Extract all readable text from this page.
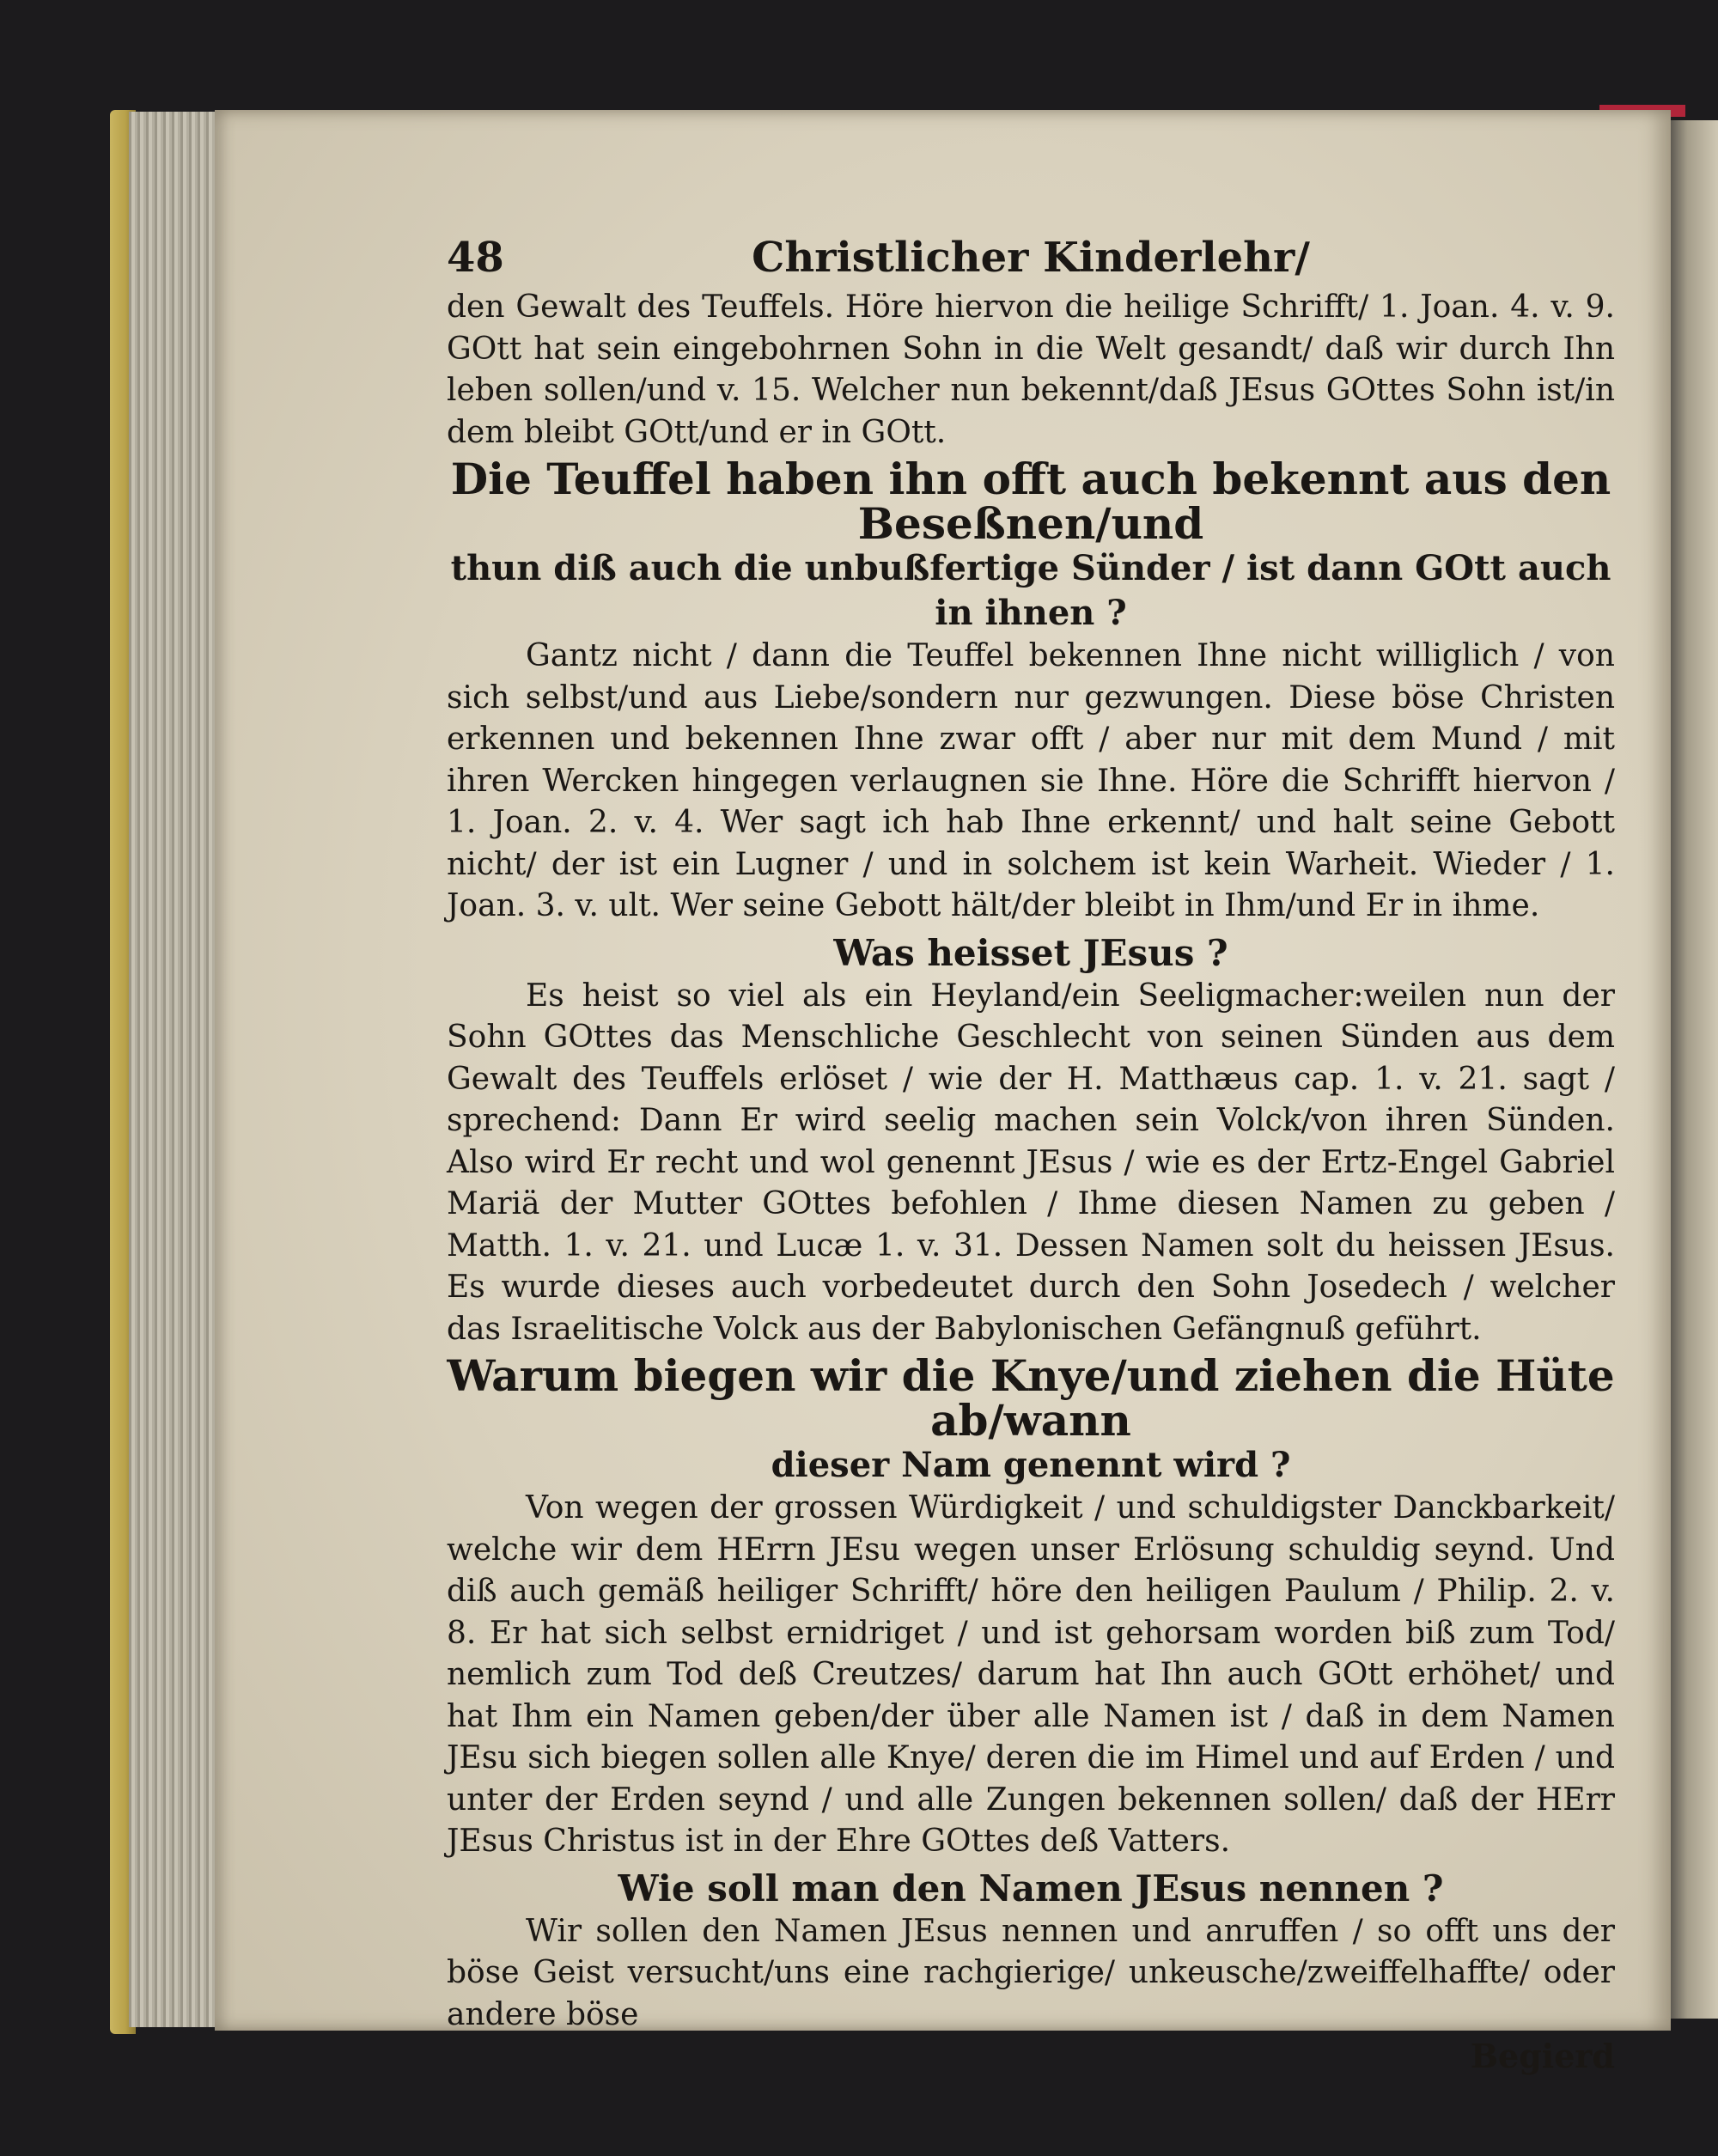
48	Christlicher Kinderlehr/

den Gewalt des Teuffels. Höre hiervon die heilige Schrifft/ 1. Joan. 4. v. 9. GOtt hat sein eingebohrnen Sohn in die Welt gesandt/ daß wir durch Ihn leben sollen/und v. 15. Welcher nun bekennt/daß JEsus GOttes Sohn ist/in dem bleibt GOtt/und er in GOtt.

Die Teuffel haben ihn offt auch bekennt aus den Beseßnen/und
thun diß auch die unbußfertige Sünder / ist dann GOtt auch in ihnen ?

Gantz nicht / dann die Teuffel bekennen Ihne nicht williglich / von sich selbst/und aus Liebe/sondern nur gezwungen. Diese böse Christen erkennen und bekennen Ihne zwar offt / aber nur mit dem Mund / mit ihren Wercken hingegen verlaugnen sie Ihne. Höre die Schrifft hiervon / 1. Joan. 2. v. 4. Wer sagt ich hab Ihne erkennt/ und halt seine Gebott nicht/ der ist ein Lugner / und in solchem ist kein Warheit. Wieder / 1. Joan. 3. v. ult. Wer seine Gebott hält/der bleibt in Ihm/und Er in ihme.

Was heisset JEsus ?

Es heist so viel als ein Heyland/ein Seeligmacher:weilen nun der Sohn GOttes das Menschliche Geschlecht von seinen Sünden aus dem Gewalt des Teuffels erlöset / wie der H. Matthæus cap. 1. v. 21. sagt / sprechend: Dann Er wird seelig machen sein Volck/von ihren Sünden. Also wird Er recht und wol genennt JEsus / wie es der Ertz-Engel Gabriel Mariä der Mutter GOttes befohlen / Ihme diesen Namen zu geben / Matth. 1. v. 21. und Lucæ 1. v. 31. Dessen Namen solt du heissen JEsus. Es wurde dieses auch vorbedeutet durch den Sohn Josedech / welcher das Israelitische Volck aus der Babylonischen Gefängnuß geführt.

Warum biegen wir die Knye/und ziehen die Hüte ab/wann
dieser Nam genennt wird ?

Von wegen der grossen Würdigkeit / und schuldigster Danckbarkeit/ welche wir dem HErrn JEsu wegen unser Erlösung schuldig seynd. Und diß auch gemäß heiliger Schrifft/ höre den heiligen Paulum / Philip. 2. v. 8. Er hat sich selbst ernidriget / und ist gehorsam worden biß zum Tod/ nemlich zum Tod deß Creutzes/ darum hat Ihn auch GOtt erhöhet/ und hat Ihm ein Namen geben/der über alle Namen ist / daß in dem Namen JEsu sich biegen sollen alle Knye/ deren die im Himel und auf Erden / und unter der Erden seynd / und alle Zungen bekennen sollen/ daß der HErr JEsus Christus ist in der Ehre GOttes deß Vatters.

Wie soll man den Namen JEsus nennen ?

Wir sollen den Namen JEsus nennen und anruffen / so offt uns der böse Geist versucht/uns eine rachgierige/ unkeusche/zweiffelhaffte/ oder andere böse

Begierd
